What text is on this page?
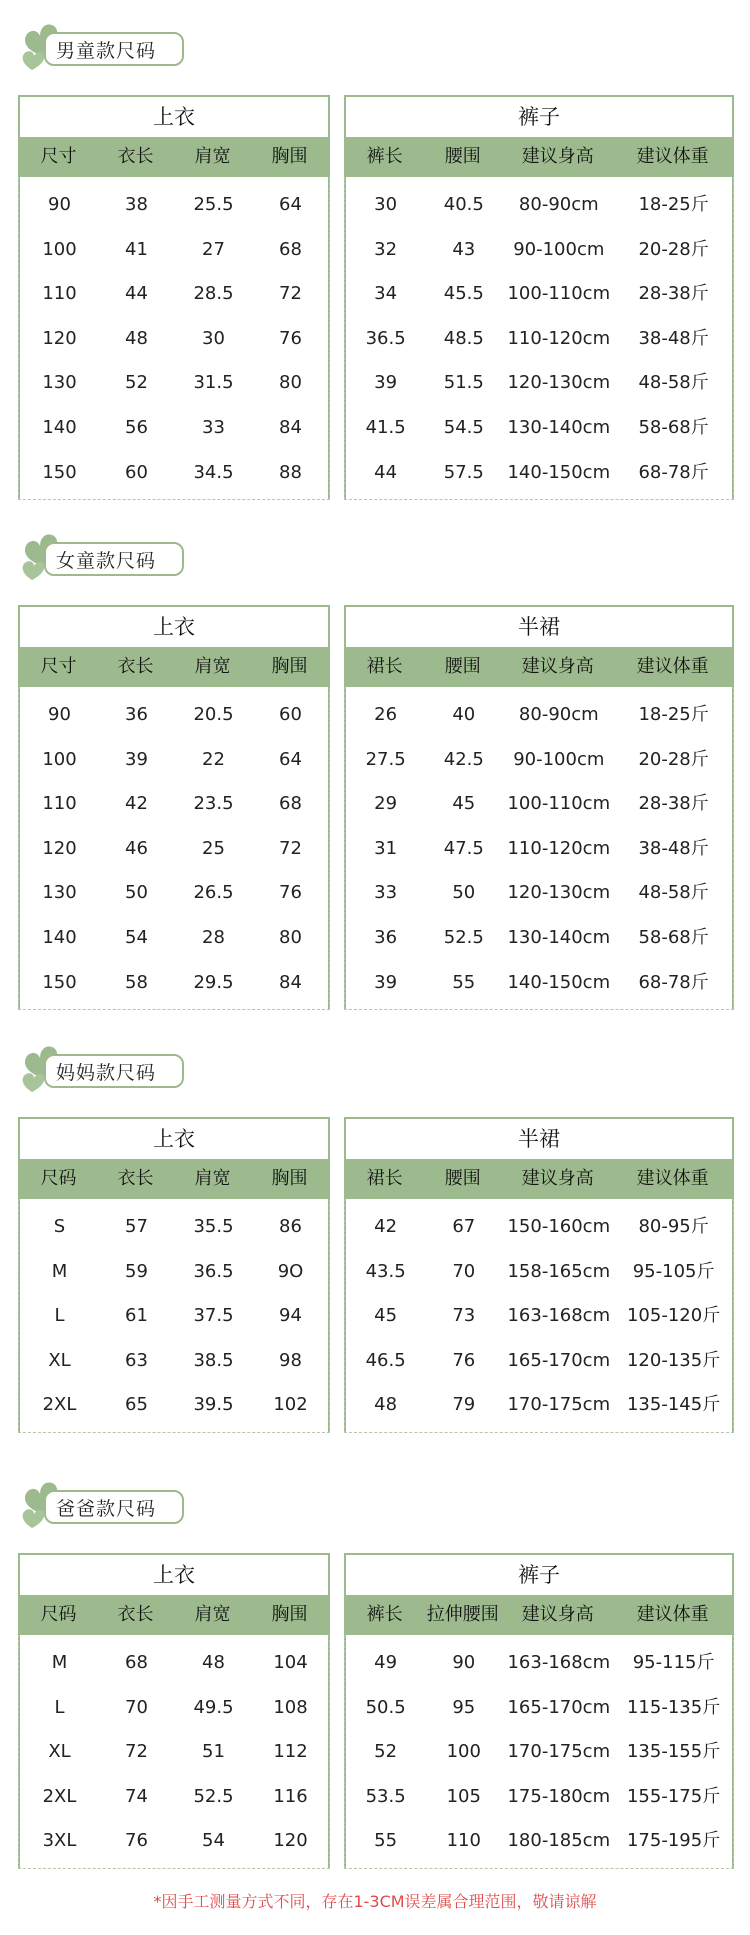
男童款尺码
上衣
尺寸	衣长	肩宽	胸围
90	38	25.5	64
100	41	27	68
110	44	28.5	72
120	48	30	76
130	52	31.5	80
140	56	33	84
150	60	34.5	88
裤子
裤长	腰围	建议身高	建议体重
30	40.5	80-90cm	18-25斤
32	43	90-100cm	20-28斤
34	45.5	100-110cm	28-38斤
36.5	48.5	110-120cm	38-48斤
39	51.5	120-130cm	48-58斤
41.5	54.5	130-140cm	58-68斤
44	57.5	140-150cm	68-78斤
女童款尺码
上衣
尺寸	衣长	肩宽	胸围
90	36	20.5	60
100	39	22	64
110	42	23.5	68
120	46	25	72
130	50	26.5	76
140	54	28	80
150	58	29.5	84
半裙
裙长	腰围	建议身高	建议体重
26	40	80-90cm	18-25斤
27.5	42.5	90-100cm	20-28斤
29	45	100-110cm	28-38斤
31	47.5	110-120cm	38-48斤
33	50	120-130cm	48-58斤
36	52.5	130-140cm	58-68斤
39	55	140-150cm	68-78斤
妈妈款尺码
上衣
尺码	衣长	肩宽	胸围
S	57	35.5	86
M	59	36.5	9O
L	61	37.5	94
XL	63	38.5	98
2XL	65	39.5	102
半裙
裙长	腰围	建议身高	建议体重
42	67	150-160cm	80-95斤
43.5	70	158-165cm	95-105斤
45	73	163-168cm 105-120斤
46.5	76	165-170cm 120-135斤
48	79	170-175cm 135-145斤
爸爸款尺码
上衣
尺码	衣长	肩宽	胸围
M	68	48	104
L	70	49.5	108
XL	72	51	112
2XL	74	52.5	116
3XL	76	54	120
裤子
裤长	拉伸腰围	建议身高	建议体重
49	90	163-168cm	95-115斤
50.5	95	165-170cm 115-135斤
52	100	170-175cm 135-155斤
53.5	105	175-180cm 155-175斤
55	110	180-185cm 175-195斤
*因手工测量方式不同，存在1-3CM误差属合理范围，敬请谅解
